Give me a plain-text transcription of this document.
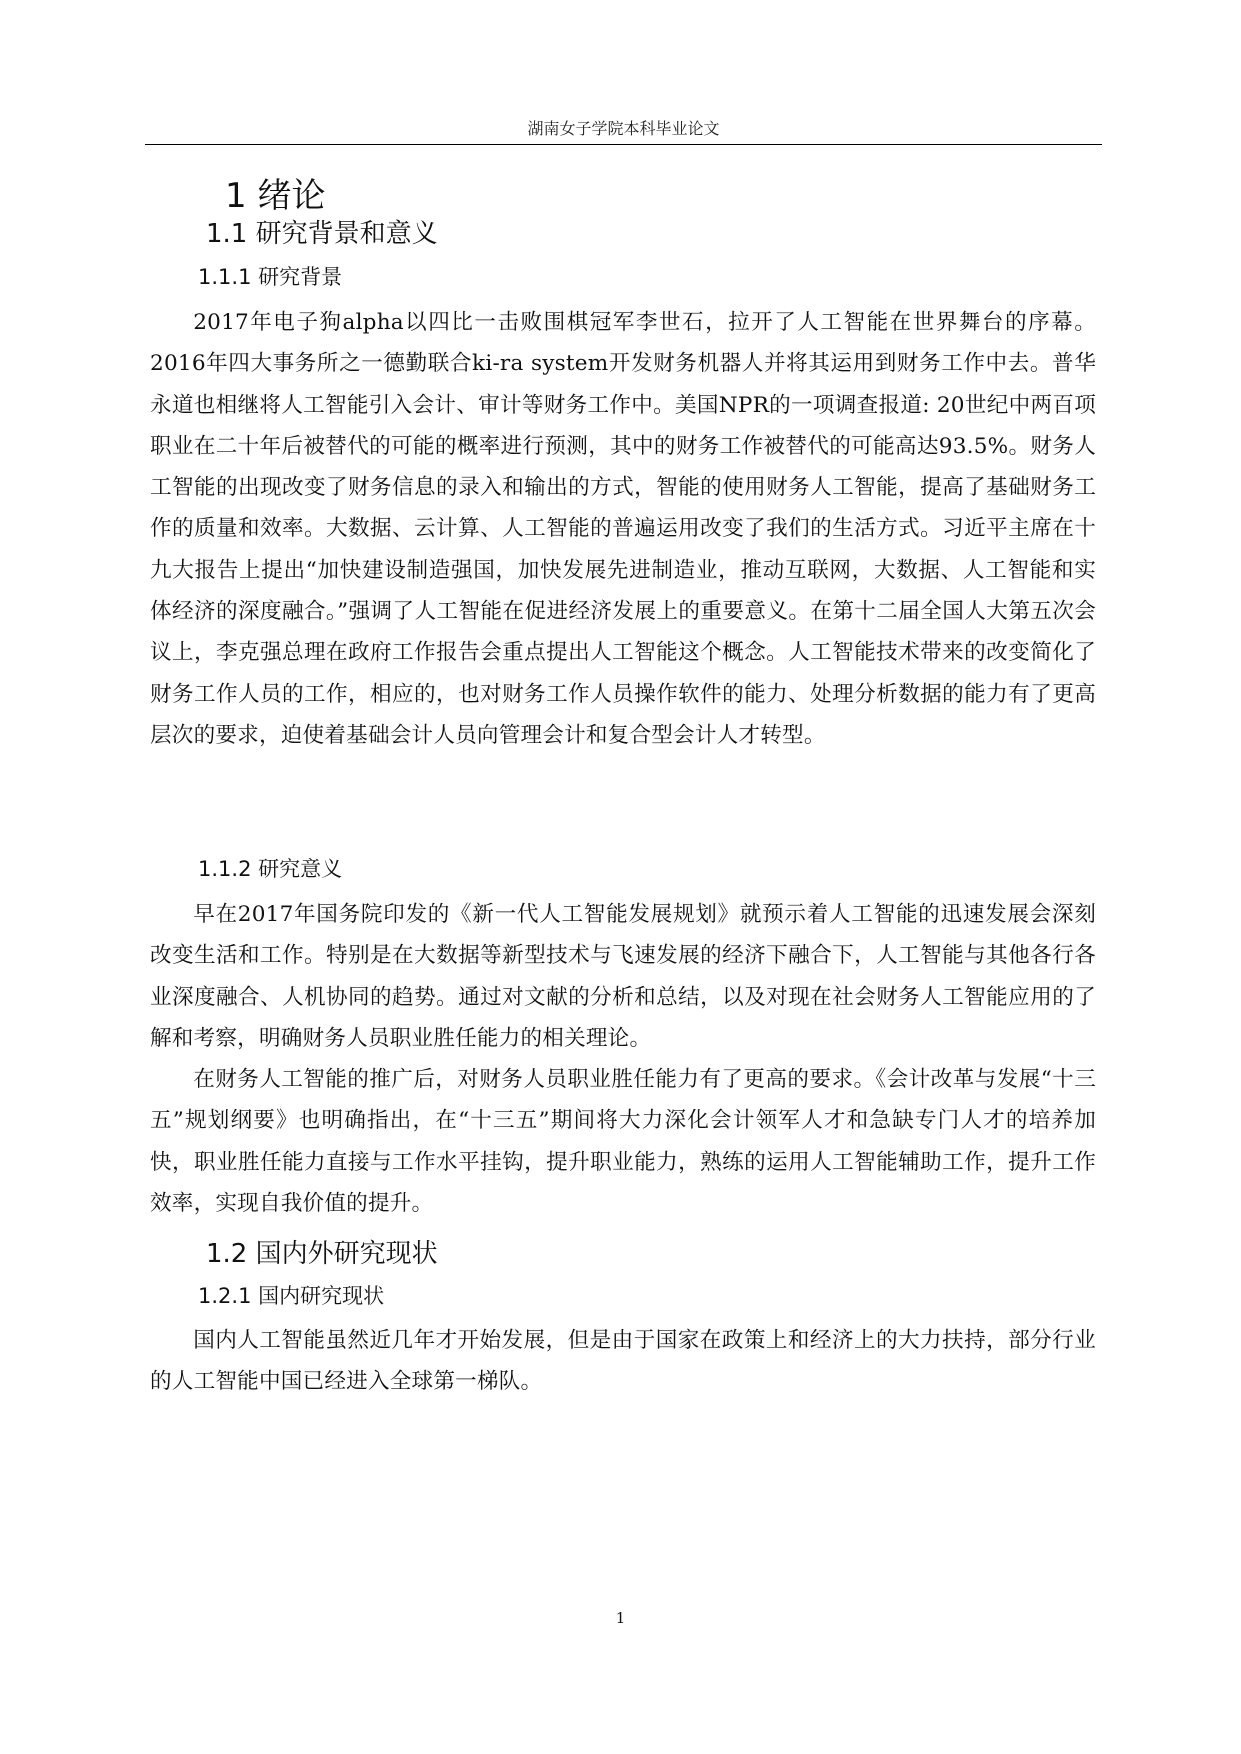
湖南女子学院本科毕业论文
1 绪论
1.1 研究背景和意义
1.1.1 研究背景

2017年电子狗alpha以四比一击败围棋冠军李世石，拉开了人工智能在世界舞台的序幕。2016年四大事务所之一德勤联合ki-ra system开发财务机器人并将其运用到财务工作中去。普华永道也相继将人工智能引入会计、审计等财务工作中。美国NPR的一项调查报道: 20世纪中两百项职业在二十年后被替代的可能的概率进行预测，其中的财务工作被替代的可能高达93.5%。财务人工智能的出现改变了财务信息的录入和输出的方式，智能的使用财务人工智能，提高了基础财务工作的质量和效率。大数据、云计算、人工智能的普遍运用改变了我们的生活方式。习近平主席在十九大报告上提出“加快建设制造强国，加快发展先进制造业，推动互联网，大数据、人工智能和实体经济的深度融合。”强调了人工智能在促进经济发展上的重要意义。在第十二届全国人大第五次会议上，李克强总理在政府工作报告会重点提出人工智能这个概念。人工智能技术带来的改变简化了财务工作人员的工作，相应的，也对财务工作人员操作软件的能力、处理分析数据的能力有了更高层次的要求，迫使着基础会计人员向管理会计和复合型会计人才转型。

1.1.2 研究意义

早在2017年国务院印发的《新一代人工智能发展规划》就预示着人工智能的迅速发展会深刻改变生活和工作。特别是在大数据等新型技术与飞速发展的经济下融合下，人工智能与其他各行各业深度融合、人机协同的趋势。通过对文献的分析和总结，以及对现在社会财务人工智能应用的了解和考察，明确财务人员职业胜任能力的相关理论。

在财务人工智能的推广后，对财务人员职业胜任能力有了更高的要求。《会计改革与发展“十三五”规划纲要》也明确指出，在“十三五”期间将大力深化会计领军人才和急缺专门人才的培养加快，职业胜任能力直接与工作水平挂钩，提升职业能力，熟练的运用人工智能辅助工作，提升工作效率，实现自我价值的提升。

1.2 国内外研究现状
1.2.1 国内研究现状

国内人工智能虽然近几年才开始发展，但是由于国家在政策上和经济上的大力扶持，部分行业的人工智能中国已经进入全球第一梯队。

1
